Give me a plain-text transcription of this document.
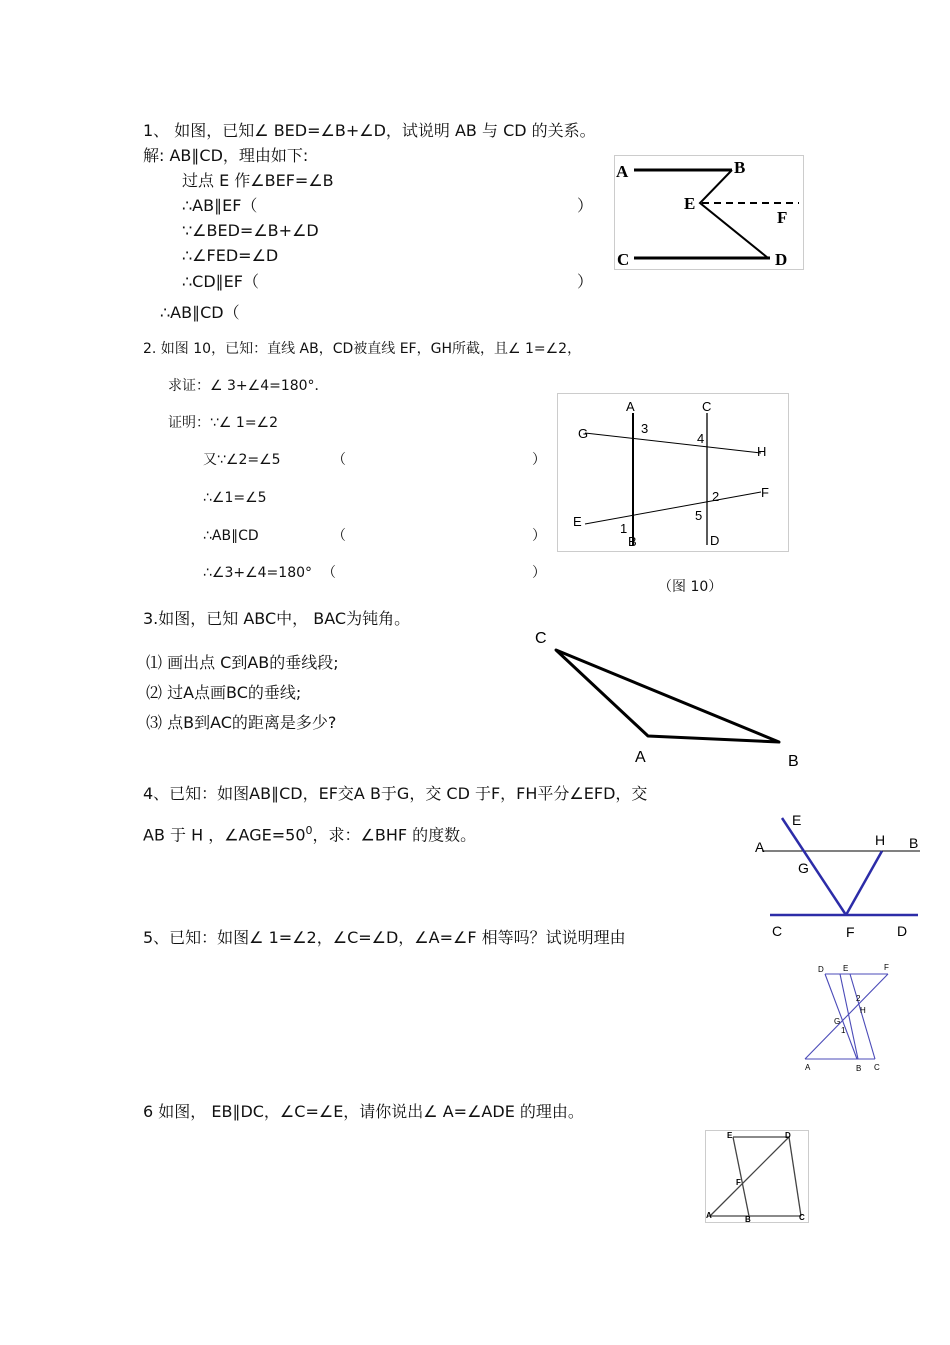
1、 如图，已知∠ BED=∠B+∠D，试说明 AB 与 CD 的关系。
解: AB∥CD，理由如下:
过点 E 作∠BEF=∠B
∴AB∥EF（	）
∵∠BED=∠B+∠D
∴∠FED=∠D
∴CD∥EF（	）
∴AB∥CD（
A	B
E
F
C	D
2. 如图 10，已知：直线 AB，CD被直线 EF，GH所截，且∠ 1=∠2，
求证：∠ 3+∠4=180°．
证明：∵∠ 1=∠2
又∵∠2=∠5	（	）
∴∠1=∠5
∴AB∥CD	（	）
∴∠3+∠4=180° （	）
（图 10）
A	C
G	3
4
H
2	F
5
E	1
B	D
3.如图，已知 ABC中， BAC为钝角。
⑴ 画出点 C到AB的垂线段;
⑵ 过A点画BC的垂线;
⑶ 点B到AC的距离是多少?
C
A	B
4、已知：如图AB∥CD，EF交A B于G，交 CD 于F，FH平分∠EFD，交
AB 于 H ，$\angle AGE=50^0$，求：∠BHF 的度数。
E
A	H B
G
C	F	D
5、已知：如图∠ 1=∠2，∠C=∠D，∠A=∠F 相等吗？试说明理由
D E	F
2
H
G
1
A	B C
6 如图， EB∥DC，∠C=∠E，请你说出∠ A=∠ADE 的理由。
E	D
F
A	B	C
